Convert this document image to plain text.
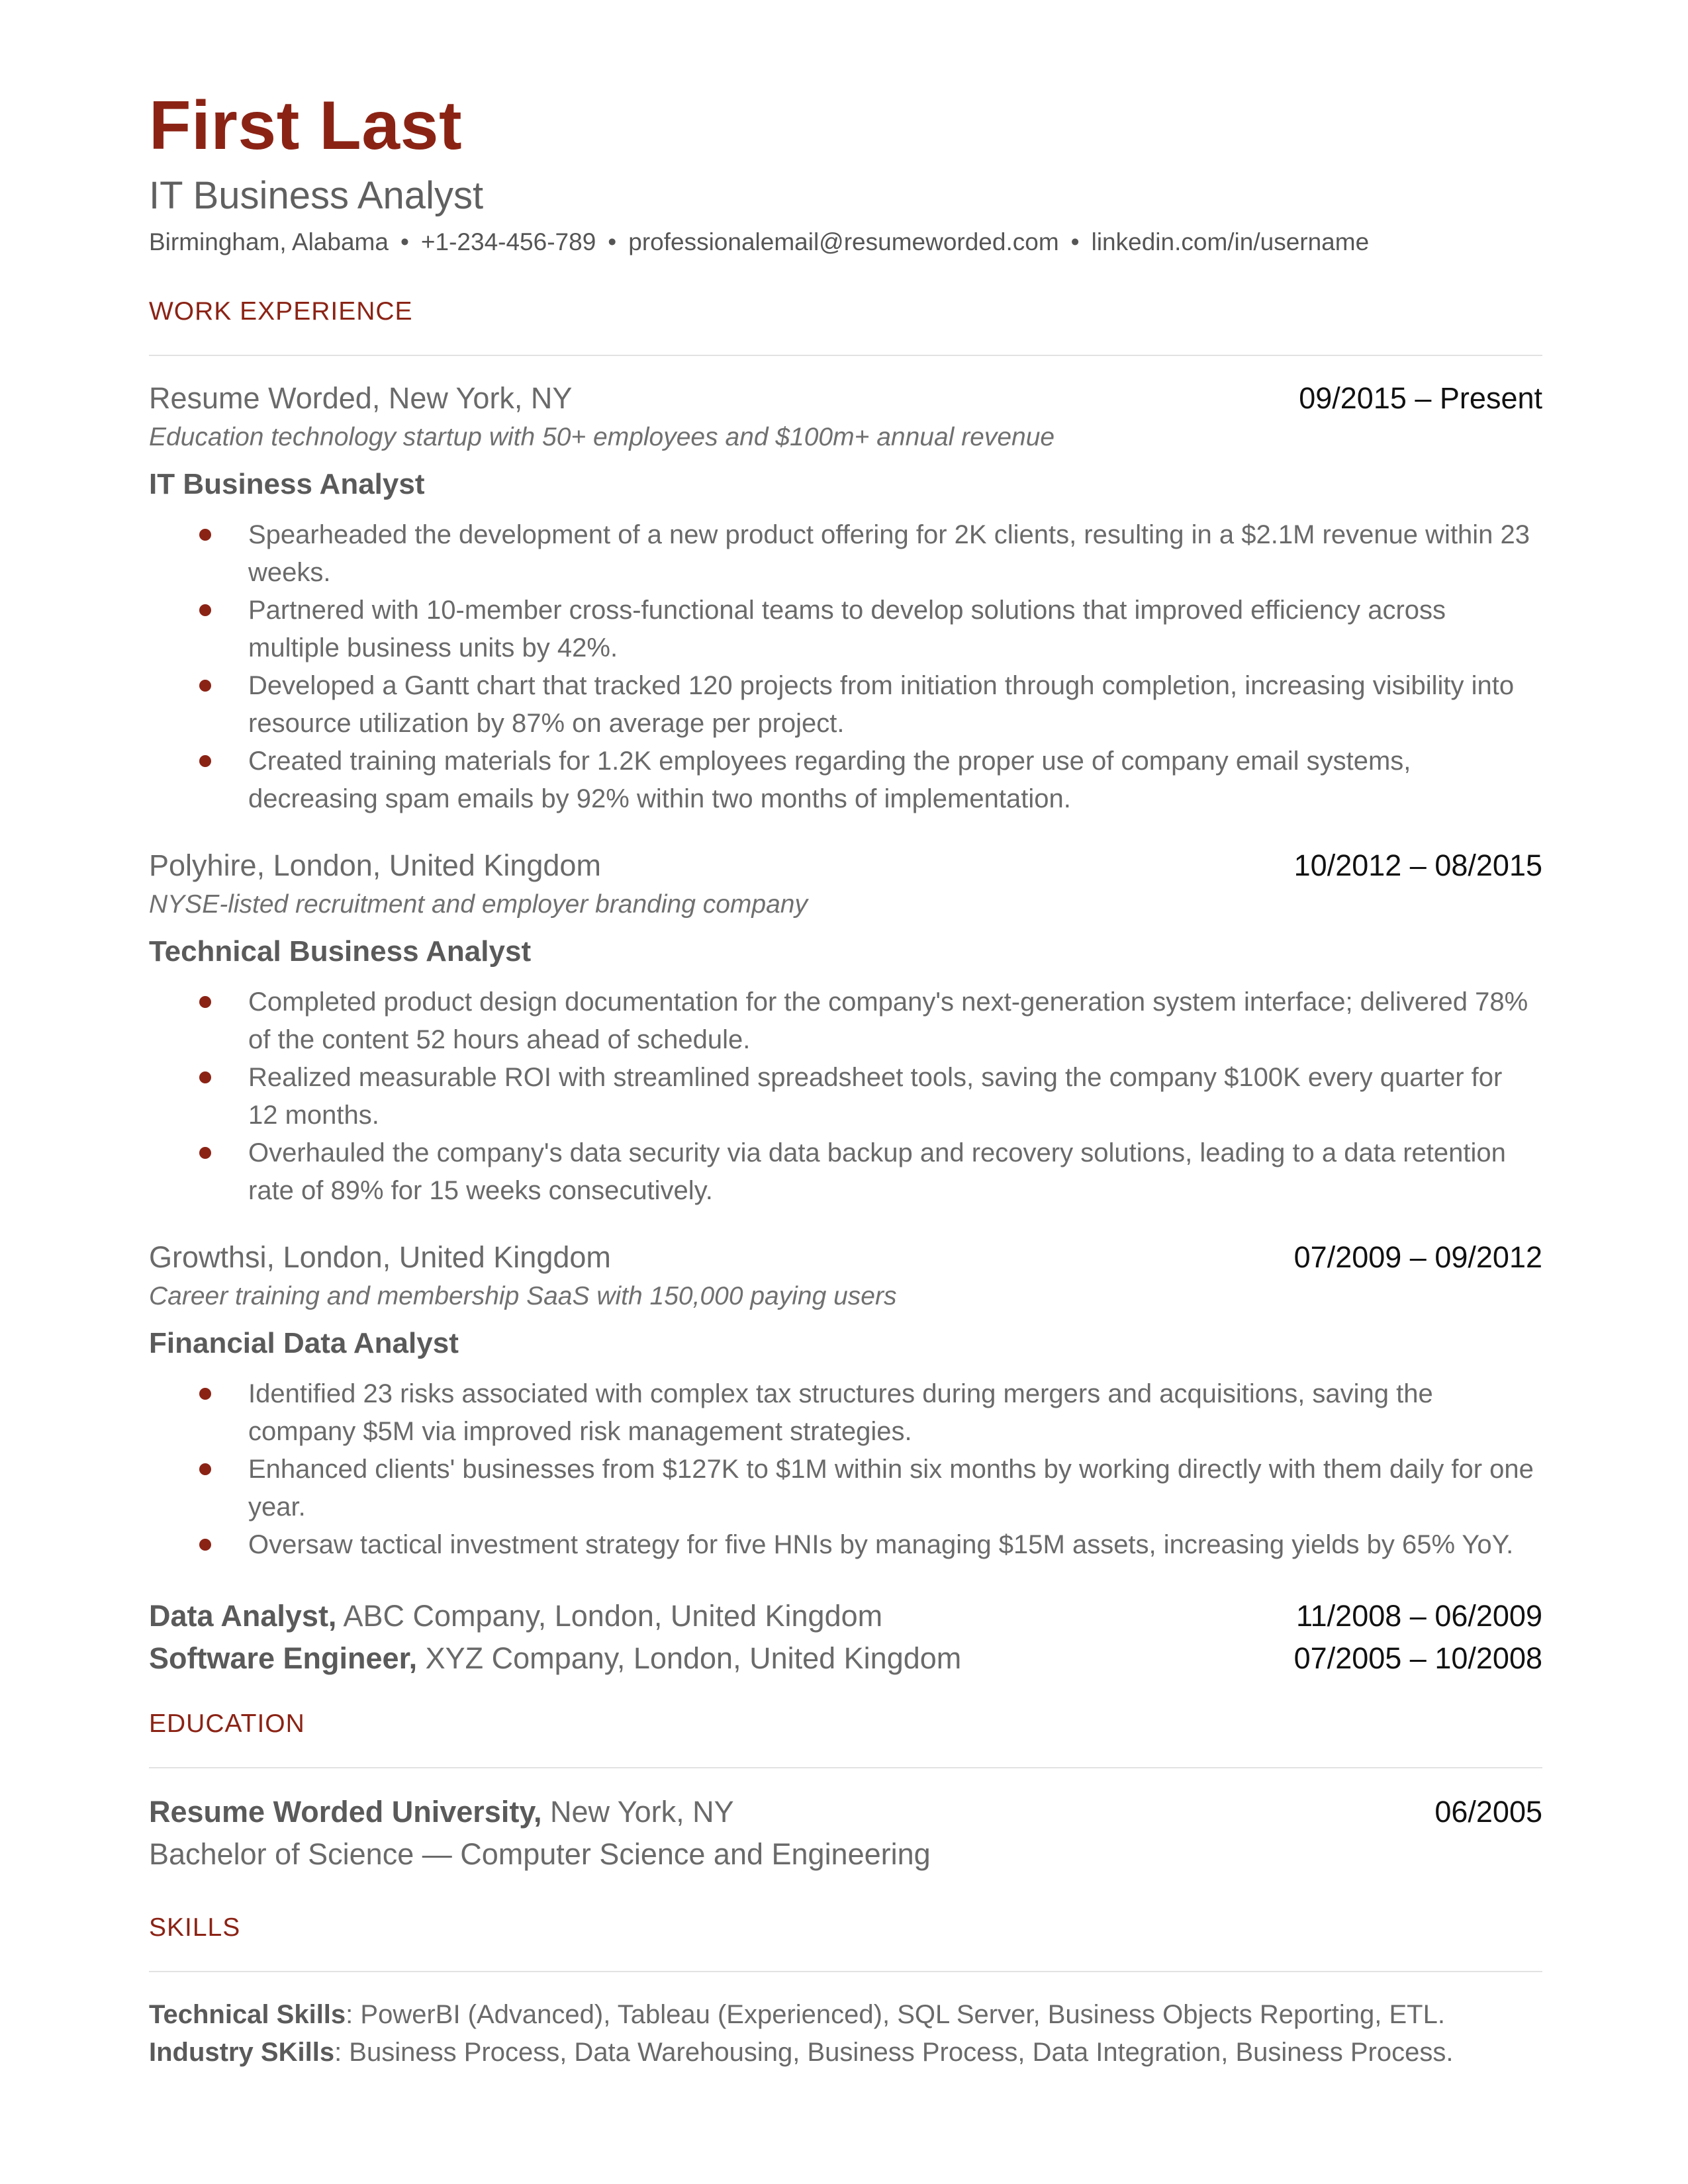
First Last
IT Business Analyst
Birmingham, Alabama • +1-234-456-789 • professionalemail@resumeworded.com • linkedin.com/in/username
WORK EXPERIENCE
Resume Worded, New York, NY	09/2015 – Present
Education technology startup with 50+ employees and $100m+ annual revenue
IT Business Analyst
Spearheaded the development of a new product offering for 2K clients, resulting in a $2.1M revenue within 23 weeks.
Partnered with 10-member cross-functional teams to develop solutions that improved efficiency across multiple business units by 42%.
Developed a Gantt chart that tracked 120 projects from initiation through completion, increasing visibility into resource utilization by 87% on average per project.
Created training materials for 1.2K employees regarding the proper use of company email systems, decreasing spam emails by 92% within two months of implementation.
Polyhire, London, United Kingdom	10/2012 – 08/2015
NYSE-listed recruitment and employer branding company
Technical Business Analyst
Completed product design documentation for the company's next-generation system interface; delivered 78% of the content 52 hours ahead of schedule.
Realized measurable ROI with streamlined spreadsheet tools, saving the company $100K every quarter for 12 months.
Overhauled the company's data security via data backup and recovery solutions, leading to a data retention rate of 89% for 15 weeks consecutively.
Growthsi, London, United Kingdom	07/2009 – 09/2012
Career training and membership SaaS with 150,000 paying users
Financial Data Analyst
Identified 23 risks associated with complex tax structures during mergers and acquisitions, saving the company $5M via improved risk management strategies.
Enhanced clients' businesses from $127K to $1M within six months by working directly with them daily for one year.
Oversaw tactical investment strategy for five HNIs by managing $15M assets, increasing yields by 65% YoY.
Data Analyst, ABC Company, London, United Kingdom	11/2008 – 06/2009
Software Engineer, XYZ Company, London, United Kingdom	07/2005 – 10/2008
EDUCATION
Resume Worded University, New York, NY	06/2005
Bachelor of Science — Computer Science and Engineering
SKILLS
Technical Skills: PowerBI (Advanced), Tableau (Experienced), SQL Server, Business Objects Reporting, ETL.
Industry SKills: Business Process, Data Warehousing, Business Process, Data Integration, Business Process.
